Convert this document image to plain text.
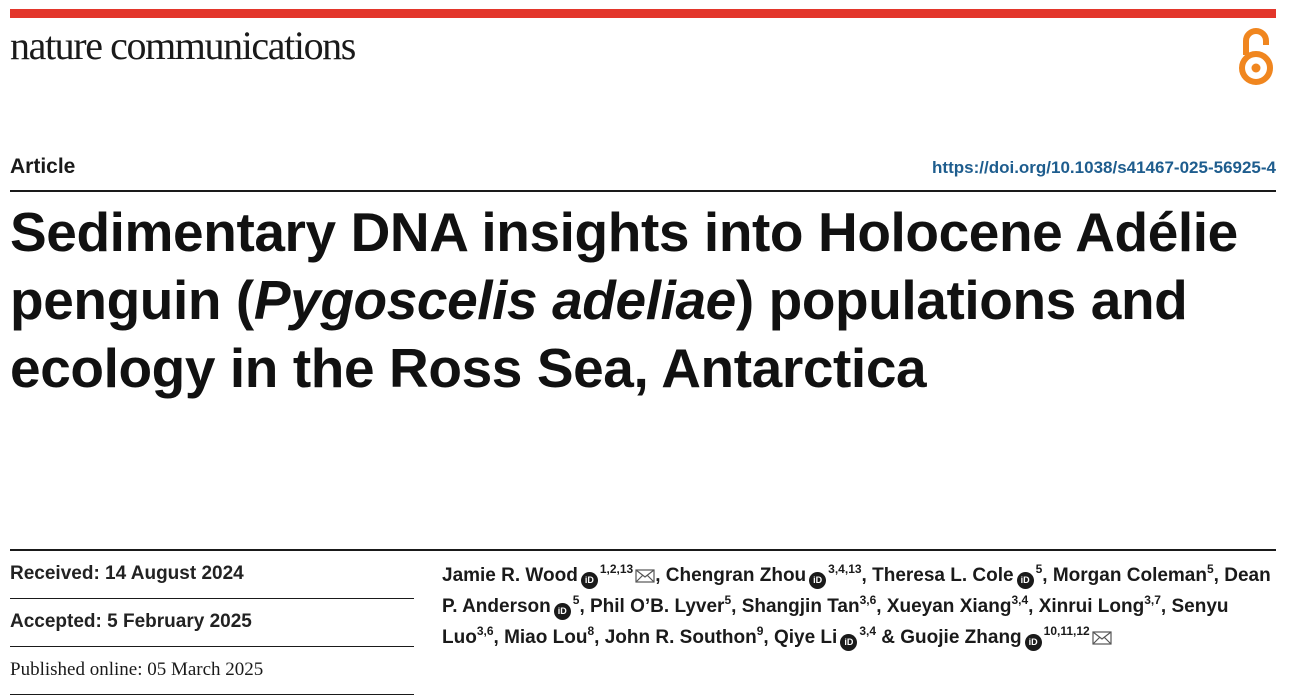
nature communications
Article	https://doi.org/10.1038/s41467-025-56925-4
Sedimentary DNA insights into Holocene Adélie penguin (Pygoscelis adeliae) populations and ecology in the Ross Sea, Antarctica
Received: 14 August 2024
Accepted: 5 February 2025
Published online: 05 March 2025
Jamie R. Wood iD$^{1,2,13}$ , Chengran Zhou iD$^{3,4,13}$, Theresa L. Cole $iD^5$, Morgan Coleman$^5$, Dean P. Anderson $iD^5$, Phil O’B. Lyver$^5$, Shangjin Tan$^{3,6}$, Xueyan Xiang$^{3,4}$, Xinrui Long$^{3,7}$, Senyu Luo$^{3,6}$, Miao Lou$^8$, John R. Southon$^9$, Qiye Li iD$^{3,4}$ & Guojie Zhang iD$^{10,11,12}$
